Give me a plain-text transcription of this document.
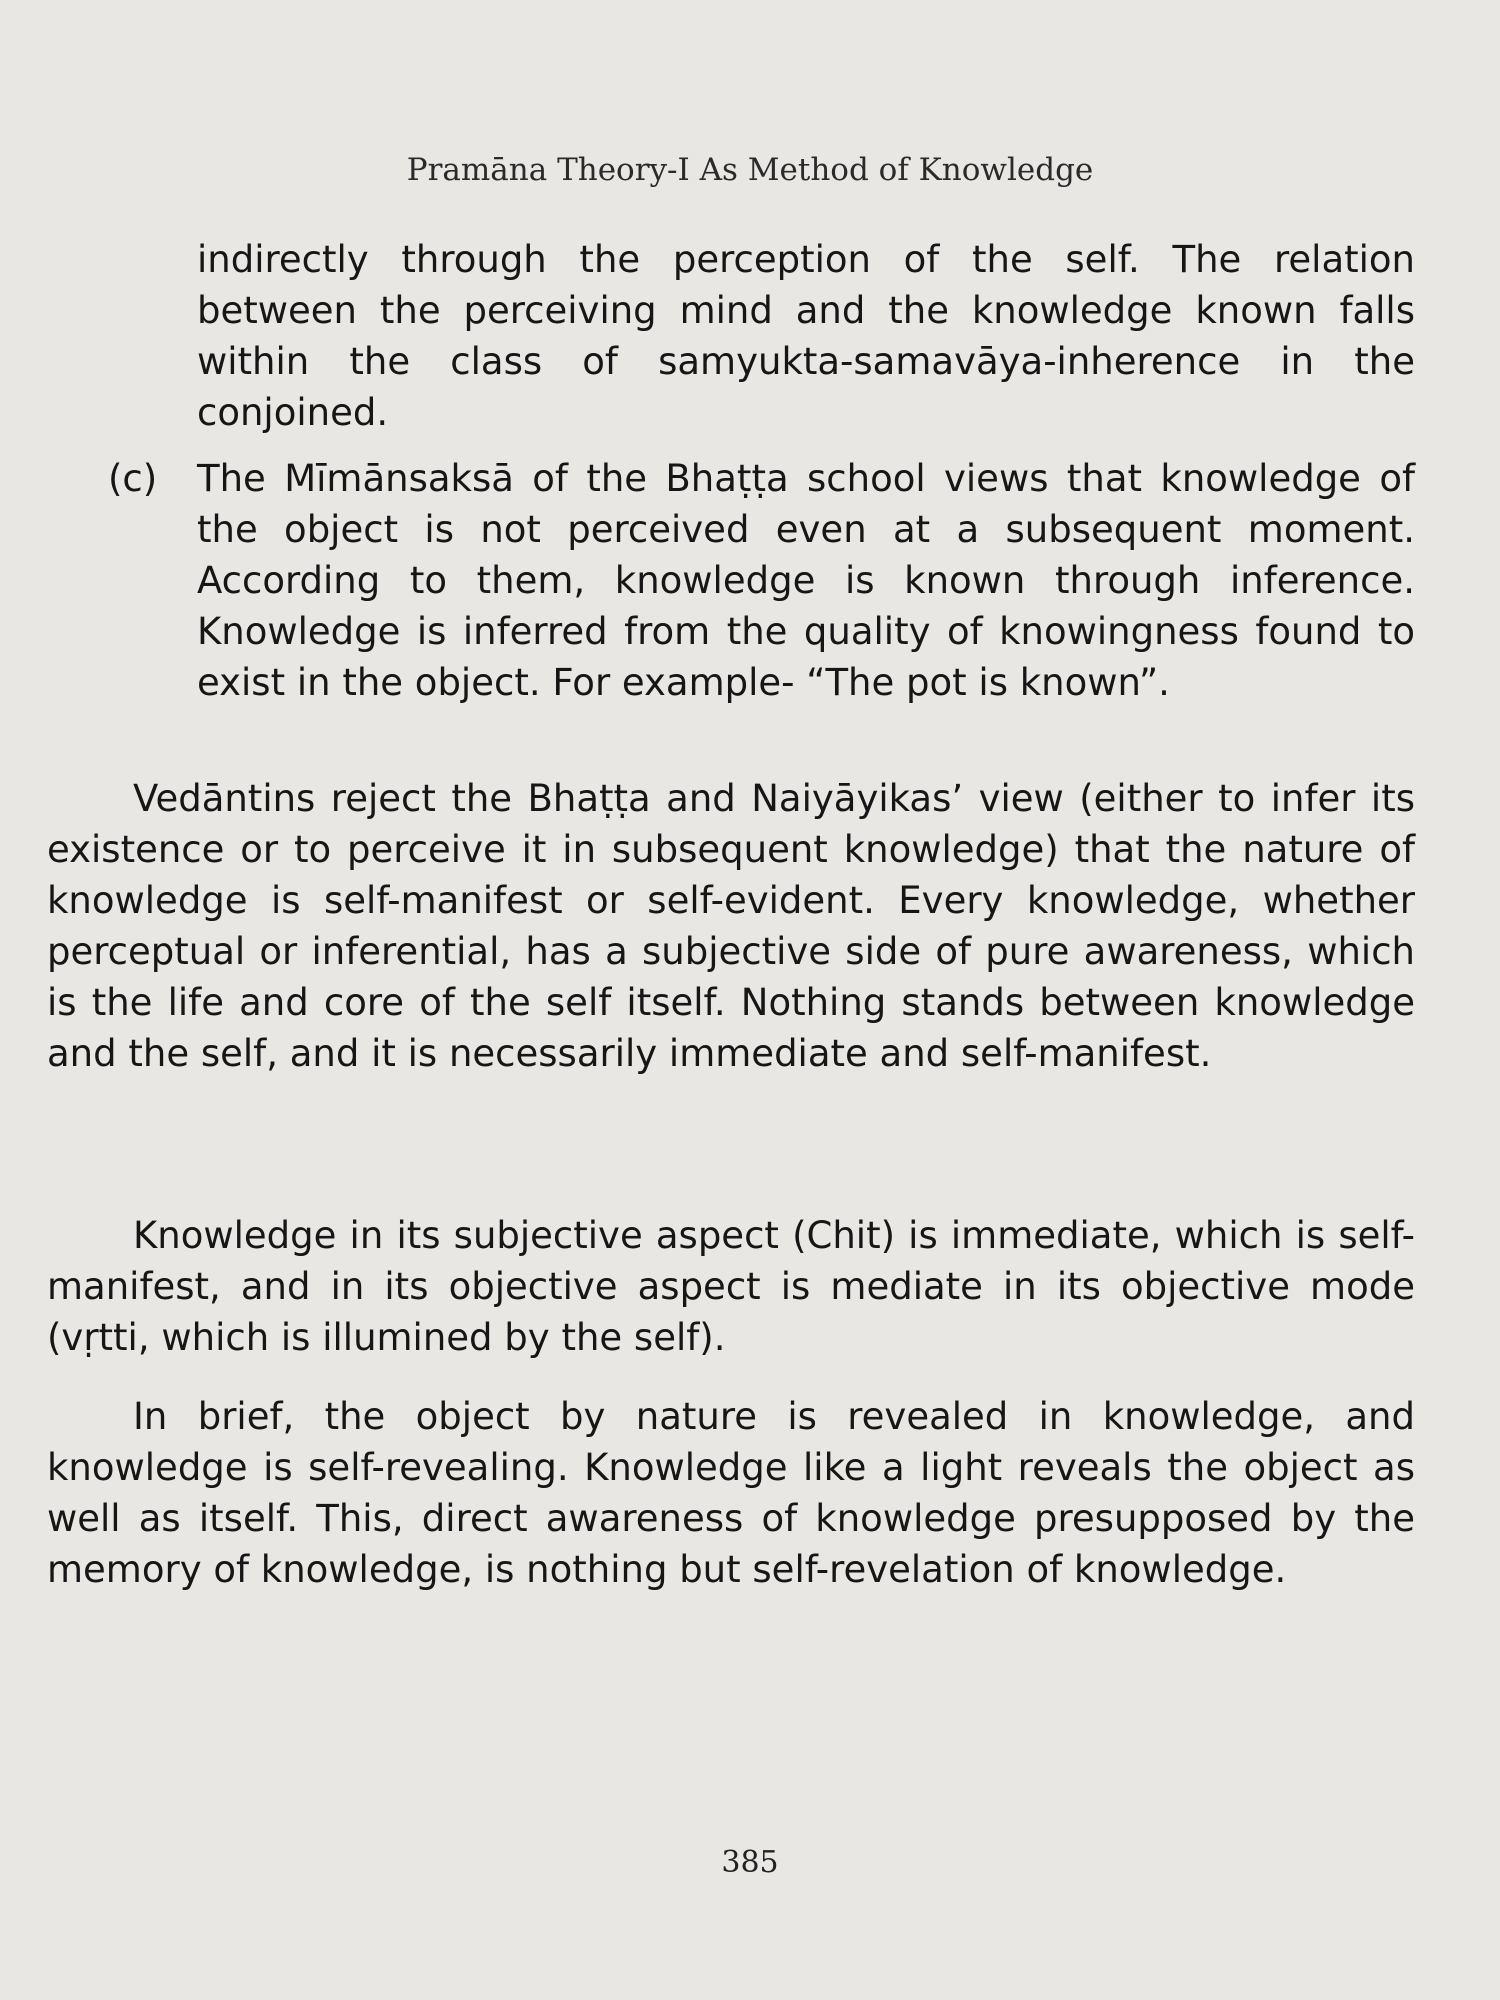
Pramāna Theory-I As Method of Knowledge
indirectly through the perception of the self. The relation between the perceiving mind and the knowledge known falls within the class of samyukta-samavāya-inherence in the conjoined.
(c)	The Mīmānsaksā of the Bhaṭṭa school views that knowledge of the object is not perceived even at a subsequent moment. According to them, knowledge is known through inference. Knowledge is inferred from the quality of knowingness found to exist in the object. For example- “The pot is known”.
Vedāntins reject the Bhaṭṭa and Naiyāyikas’ view (either to infer its existence or to perceive it in subsequent knowledge) that the nature of knowledge is self-manifest or self-evident. Every knowledge, whether perceptual or inferential, has a subjective side of pure awareness, which is the life and core of the self itself. Nothing stands between knowledge and the self, and it is necessarily immediate and self-manifest.
Knowledge in its subjective aspect (Chit) is immediate, which is self-manifest, and in its objective aspect is mediate in its objective mode (vṛtti, which is illumined by the self).
In brief, the object by nature is revealed in knowledge, and knowledge is self-revealing. Knowledge like a light reveals the object as well as itself. This, direct awareness of knowledge presupposed by the memory of knowledge, is nothing but self-revelation of knowledge.
385
